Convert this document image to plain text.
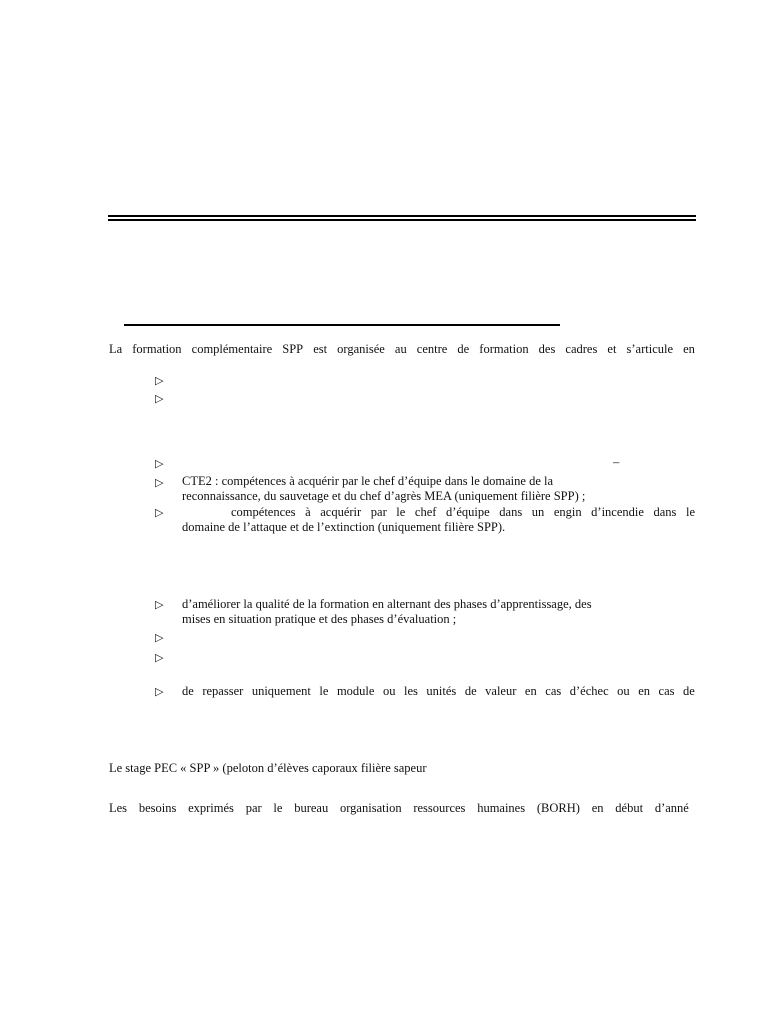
La formation complémentaire SPP est organisée au centre de formation des cadres et s’articule en
▷
▷
▷
▷
▷
▷
▷
▷
▷
–
CTE2 : compétences à acquérir par le chef d’équipe dans le domaine de la
reconnaissance, du sauvetage et du chef d’agrès MEA (uniquement filière SPP) ;
compétences à acquérir par le chef d’équipe dans un engin d’incendie dans le
domaine de l’attaque et de l’extinction (uniquement filière SPP).
d’améliorer la qualité de la formation en alternant des phases d’apprentissage, des
mises en situation pratique et des phases d’évaluation ;
de repasser uniquement le module ou les unités de valeur en cas d’échec ou en cas de
Le stage PEC « SPP » (peloton d’élèves caporaux filière sapeur
Les besoins exprimés par le bureau organisation ressources humaines (BORH) en début d’anné
